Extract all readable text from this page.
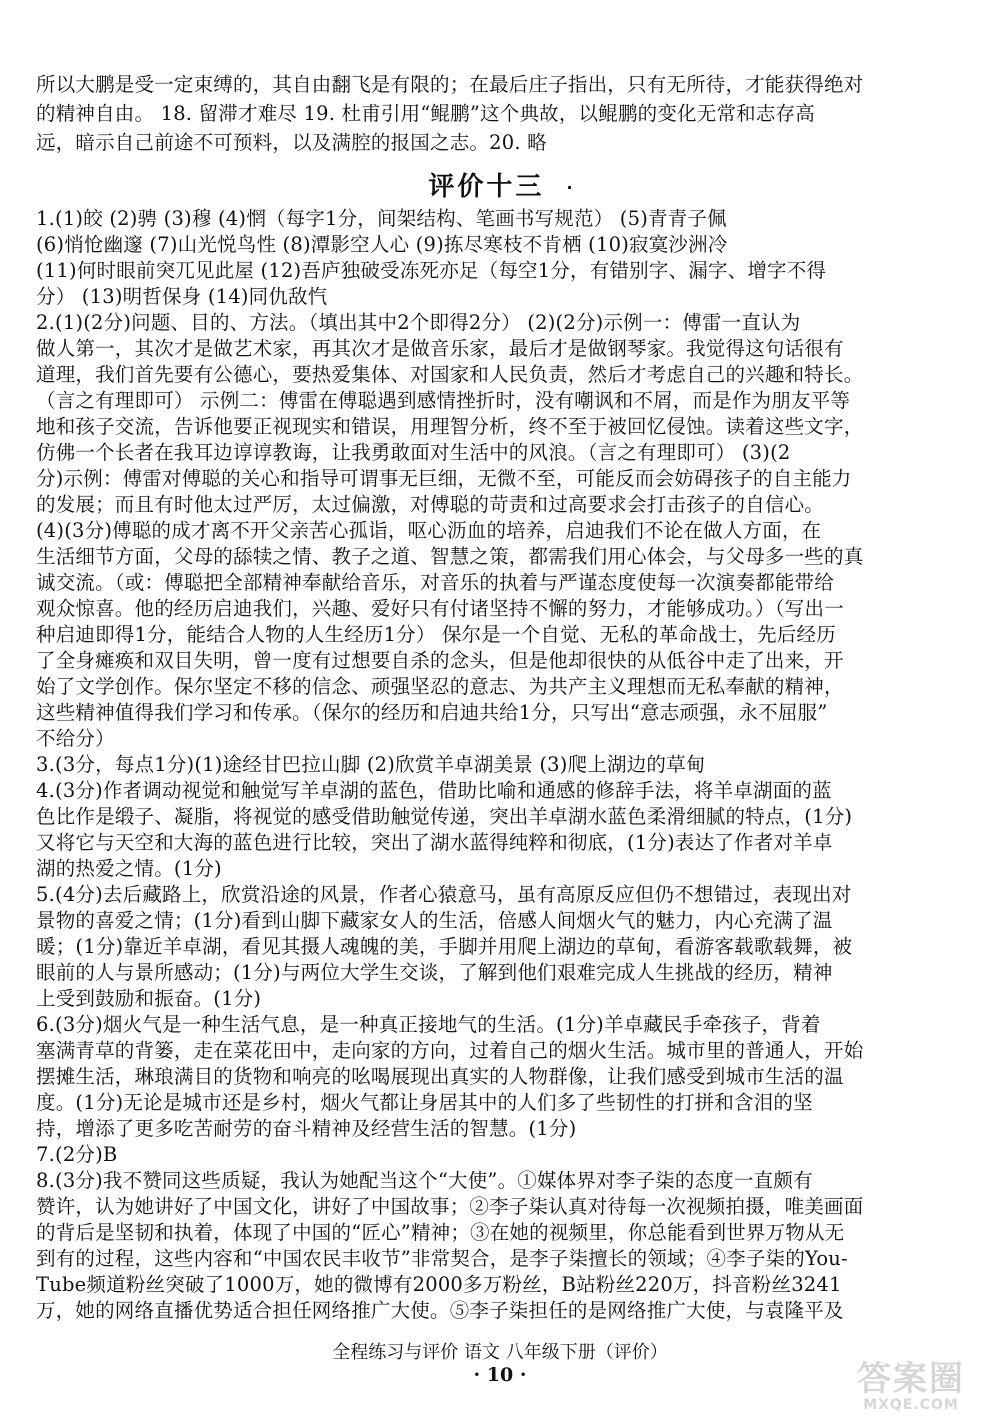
所以大鹏是受一定束缚的，其自由翻飞是有限的；在最后庄子指出，只有无所待，才能获得绝对

的精神自由。 18. 留滞才难尽 19. 杜甫引用“鲲鹏”这个典故，以鲲鹏的变化无常和志存高

远，暗示自己前途不可预料，以及满腔的报国之志。20. 略

评价十三 ·

1.(1)皎 (2)骋 (3)穆 (4)惘（每字1分，间架结构、笔画书写规范） (5)青青子佩

(6)悄怆幽邃 (7)山光悦鸟性 (8)潭影空人心 (9)拣尽寒枝不肯栖 (10)寂寞沙洲冷

(11)何时眼前突兀见此屋 (12)吾庐独破受冻死亦足（每空1分，有错别字、漏字、增字不得

分） (13)明哲保身 (14)同仇敌忾

2.(1)(2分)问题、目的、方法。（填出其中2个即得2分） (2)(2分)示例一：傅雷一直认为

做人第一，其次才是做艺术家，再其次才是做音乐家，最后才是做钢琴家。我觉得这句话很有

道理，我们首先要有公德心，要热爱集体、对国家和人民负责，然后才考虑自己的兴趣和特长。

（言之有理即可） 示例二：傅雷在傅聪遇到感情挫折时，没有嘲讽和不屑，而是作为朋友平等

地和孩子交流，告诉他要正视现实和错误，用理智分析，终不至于被回忆侵蚀。读着这些文字，

仿佛一个长者在我耳边谆谆教诲，让我勇敢面对生活中的风浪。（言之有理即可） (3)(2

分)示例：傅雷对傅聪的关心和指导可谓事无巨细，无微不至，可能反而会妨碍孩子的自主能力

的发展；而且有时他太过严厉，太过偏激，对傅聪的苛责和过高要求会打击孩子的自信心。

(4)(3分)傅聪的成才离不开父亲苦心孤诣，呕心沥血的培养，启迪我们不论在做人方面，在

生活细节方面，父母的舔犊之情、教子之道、智慧之策，都需我们用心体会，与父母多一些的真

诚交流。（或：傅聪把全部精神奉献给音乐，对音乐的执着与严谨态度使每一次演奏都能带给

观众惊喜。他的经历启迪我们，兴趣、爱好只有付诸坚持不懈的努力，才能够成功。）（写出一

种启迪即得1分，能结合人物的人生经历1分） 保尔是一个自觉、无私的革命战士，先后经历

了全身瘫痪和双目失明，曾一度有过想要自杀的念头，但是他却很快的从低谷中走了出来，开

始了文学创作。保尔坚定不移的信念、顽强坚忍的意志、为共产主义理想而无私奉献的精神，

这些精神值得我们学习和传承。（保尔的经历和启迪共给1分，只写出“意志顽强，永不屈服”

不给分）

3.(3分，每点1分)(1)途经甘巴拉山脚 (2)欣赏羊卓湖美景 (3)爬上湖边的草甸

4.(3分)作者调动视觉和触觉写羊卓湖的蓝色，借助比喻和通感的修辞手法，将羊卓湖面的蓝

色比作是缎子、凝脂，将视觉的感受借助触觉传递，突出羊卓湖水蓝色柔滑细腻的特点，(1分)

又将它与天空和大海的蓝色进行比较，突出了湖水蓝得纯粹和彻底，(1分)表达了作者对羊卓

湖的热爱之情。(1分)

5.(4分)去后藏路上，欣赏沿途的风景，作者心猿意马，虽有高原反应但仍不想错过，表现出对

景物的喜爱之情；(1分)看到山脚下藏家女人的生活，倍感人间烟火气的魅力，内心充满了温

暖；(1分)靠近羊卓湖，看见其摄人魂魄的美，手脚并用爬上湖边的草甸，看游客载歌载舞，被

眼前的人与景所感动；(1分)与两位大学生交谈，了解到他们艰难完成人生挑战的经历，精神

上受到鼓励和振奋。(1分)

6.(3分)烟火气是一种生活气息，是一种真正接地气的生活。(1分)羊卓藏民手牵孩子，背着

塞满青草的背篓，走在菜花田中，走向家的方向，过着自己的烟火生活。城市里的普通人，开始

摆摊生活，琳琅满目的货物和响亮的吆喝展现出真实的人物群像，让我们感受到城市生活的温

度。(1分)无论是城市还是乡村，烟火气都让身居其中的人们多了些韧性的打拼和含泪的坚

持，增添了更多吃苦耐劳的奋斗精神及经营生活的智慧。(1分)

7.(2分)B

8.(3分)我不赞同这些质疑，我认为她配当这个“大使”。①媒体界对李子柒的态度一直颇有

赞许，认为她讲好了中国文化，讲好了中国故事；②李子柒认真对待每一次视频拍摄，唯美画面

的背后是坚韧和执着，体现了中国的“匠心”精神；③在她的视频里，你总能看到世界万物从无

到有的过程，这些内容和“中国农民丰收节”非常契合，是李子柒擅长的领域；④李子柒的You-

Tube频道粉丝突破了1000万，她的微博有2000多万粉丝，B站粉丝220万，抖音粉丝3241

万，她的网络直播优势适合担任网络推广大使。⑤李子柒担任的是网络推广大使，与袁隆平及

全程练习与评价 语文 八年级下册（评价）
· 10 ·	答案圈
MXQE.COM
